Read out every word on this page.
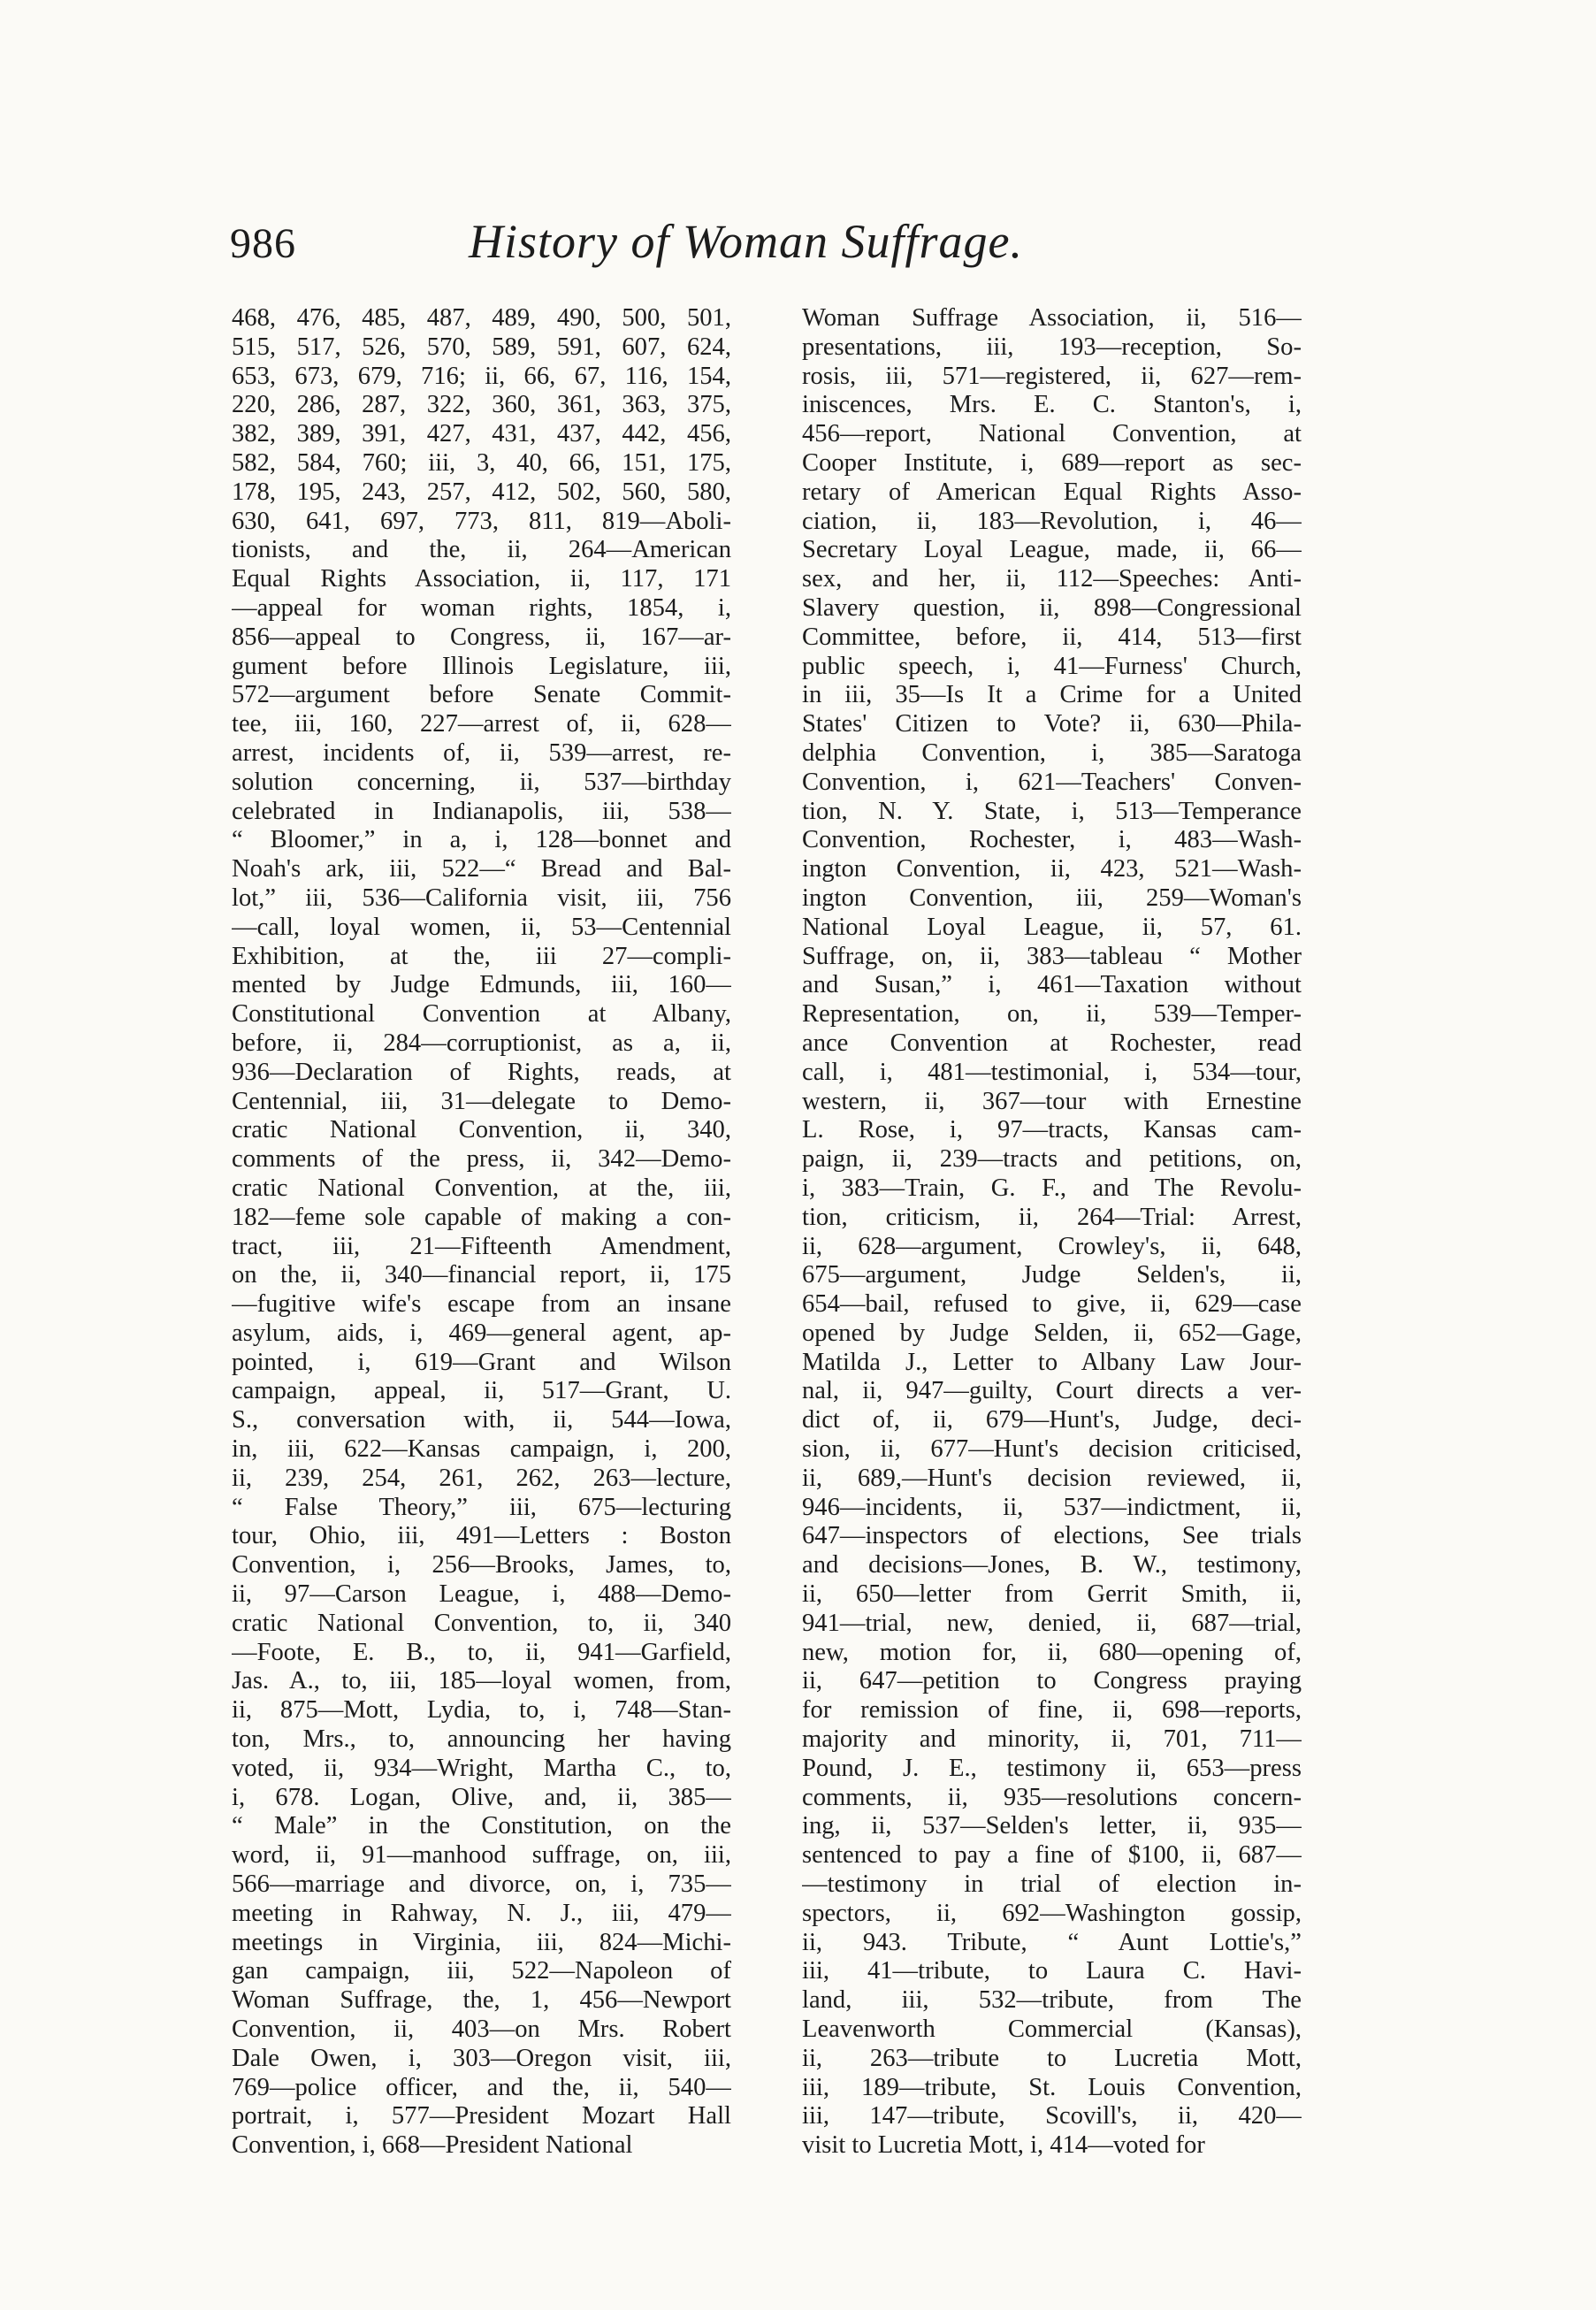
986	History of Woman Suffrage.
468, 476, 485, 487, 489, 490, 500, 501,
515, 517, 526, 570, 589, 591, 607, 624,
653, 673, 679, 716; ii, 66, 67, 116, 154,
220, 286, 287, 322, 360, 361, 363, 375,
382, 389, 391, 427, 431, 437, 442, 456,
582, 584, 760; iii, 3, 40, 66, 151, 175,
178, 195, 243, 257, 412, 502, 560, 580,
630, 641, 697, 773, 811, 819—Aboli-
tionists, and the, ii, 264—American
Equal Rights Association, ii, 117, 171
—appeal for woman rights, 1854, i,
856—appeal to Congress, ii, 167—ar-
gument before Illinois Legislature, iii,
572—argument before Senate Commit-
tee, iii, 160, 227—arrest of, ii, 628—
arrest, incidents of, ii, 539—arrest, re-
solution concerning, ii, 537—birthday
celebrated in Indianapolis, iii, 538—
“ Bloomer,” in a, i, 128—bonnet and
Noah's ark, iii, 522—“ Bread and Bal-
lot,” iii, 536—California visit, iii, 756
—call, loyal women, ii, 53—Centennial
Exhibition, at the, iii 27—compli-
mented by Judge Edmunds, iii, 160—
Constitutional Convention at Albany,
before, ii, 284—corruptionist, as a, ii,
936—Declaration of Rights, reads, at
Centennial, iii, 31—delegate to Demo-
cratic National Convention, ii, 340,
comments of the press, ii, 342—Demo-
cratic National Convention, at the, iii,
182—feme sole capable of making a con-
tract, iii, 21—Fifteenth Amendment,
on the, ii, 340—financial report, ii, 175
—fugitive wife's escape from an insane
asylum, aids, i, 469—general agent, ap-
pointed, i, 619—Grant and Wilson
campaign, appeal, ii, 517—Grant, U.
S., conversation with, ii, 544—Iowa,
in, iii, 622—Kansas campaign, i, 200,
ii, 239, 254, 261, 262, 263—lecture,
“ False Theory,” iii, 675—lecturing
tour, Ohio, iii, 491—Letters : Boston
Convention, i, 256—Brooks, James, to,
ii, 97—Carson League, i, 488—Demo-
cratic National Convention, to, ii, 340
—Foote, E. B., to, ii, 941—Garfield,
Jas. A., to, iii, 185—loyal women, from,
ii, 875—Mott, Lydia, to, i, 748—Stan-
ton, Mrs., to, announcing her having
voted, ii, 934—Wright, Martha C., to,
i, 678. Logan, Olive, and, ii, 385—
“ Male” in the Constitution, on the
word, ii, 91—manhood suffrage, on, iii,
566—marriage and divorce, on, i, 735—
meeting in Rahway, N. J., iii, 479—
meetings in Virginia, iii, 824—Michi-
gan campaign, iii, 522—Napoleon of
Woman Suffrage, the, 1, 456—Newport
Convention, ii, 403—on Mrs. Robert
Dale Owen, i, 303—Oregon visit, iii,
769—police officer, and the, ii, 540—
portrait, i, 577—President Mozart Hall
Convention, i, 668—President National
Woman Suffrage Association, ii, 516—
presentations, iii, 193—reception, So-
rosis, iii, 571—registered, ii, 627—rem-
iniscences, Mrs. E. C. Stanton's, i,
456—report, National Convention, at
Cooper Institute, i, 689—report as sec-
retary of American Equal Rights Asso-
ciation, ii, 183—Revolution, i, 46—
Secretary Loyal League, made, ii, 66—
sex, and her, ii, 112—Speeches: Anti-
Slavery question, ii, 898—Congressional
Committee, before, ii, 414, 513—first
public speech, i, 41—Furness' Church,
in iii, 35—Is It a Crime for a United
States' Citizen to Vote? ii, 630—Phila-
delphia Convention, i, 385—Saratoga
Convention, i, 621—Teachers' Conven-
tion, N. Y. State, i, 513—Temperance
Convention, Rochester, i, 483—Wash-
ington Convention, ii, 423, 521—Wash-
ington Convention, iii, 259—Woman's
National Loyal League, ii, 57, 61.
Suffrage, on, ii, 383—tableau “ Mother
and Susan,” i, 461—Taxation without
Representation, on, ii, 539—Temper-
ance Convention at Rochester, read
call, i, 481—testimonial, i, 534—tour,
western, ii, 367—tour with Ernestine
L. Rose, i, 97—tracts, Kansas cam-
paign, ii, 239—tracts and petitions, on,
i, 383—Train, G. F., and The Revolu-
tion, criticism, ii, 264—Trial: Arrest,
ii, 628—argument, Crowley's, ii, 648,
675—argument, Judge Selden's, ii,
654—bail, refused to give, ii, 629—case
opened by Judge Selden, ii, 652—Gage,
Matilda J., Letter to Albany Law Jour-
nal, ii, 947—guilty, Court directs a ver-
dict of, ii, 679—Hunt's, Judge, deci-
sion, ii, 677—Hunt's decision criticised,
ii, 689,—Hunt's decision reviewed, ii,
946—incidents, ii, 537—indictment, ii,
647—inspectors of elections, See trials
and decisions—Jones, B. W., testimony,
ii, 650—letter from Gerrit Smith, ii,
941—trial, new, denied, ii, 687—trial,
new, motion for, ii, 680—opening of,
ii, 647—petition to Congress praying
for remission of fine, ii, 698—reports,
majority and minority, ii, 701, 711—
Pound, J. E., testimony ii, 653—press
comments, ii, 935—resolutions concern-
ing, ii, 537—Selden's letter, ii, 935—
sentenced to pay a fine of $100, ii, 687—
—testimony in trial of election in-
spectors, ii, 692—Washington gossip,
ii, 943. Tribute, “ Aunt Lottie's,”
iii, 41—tribute, to Laura C. Havi-
land, iii, 532—tribute, from The
Leavenworth Commercial (Kansas),
ii, 263—tribute to Lucretia Mott,
iii, 189—tribute, St. Louis Convention,
iii, 147—tribute, Scovill's, ii, 420—
visit to Lucretia Mott, i, 414—voted for
